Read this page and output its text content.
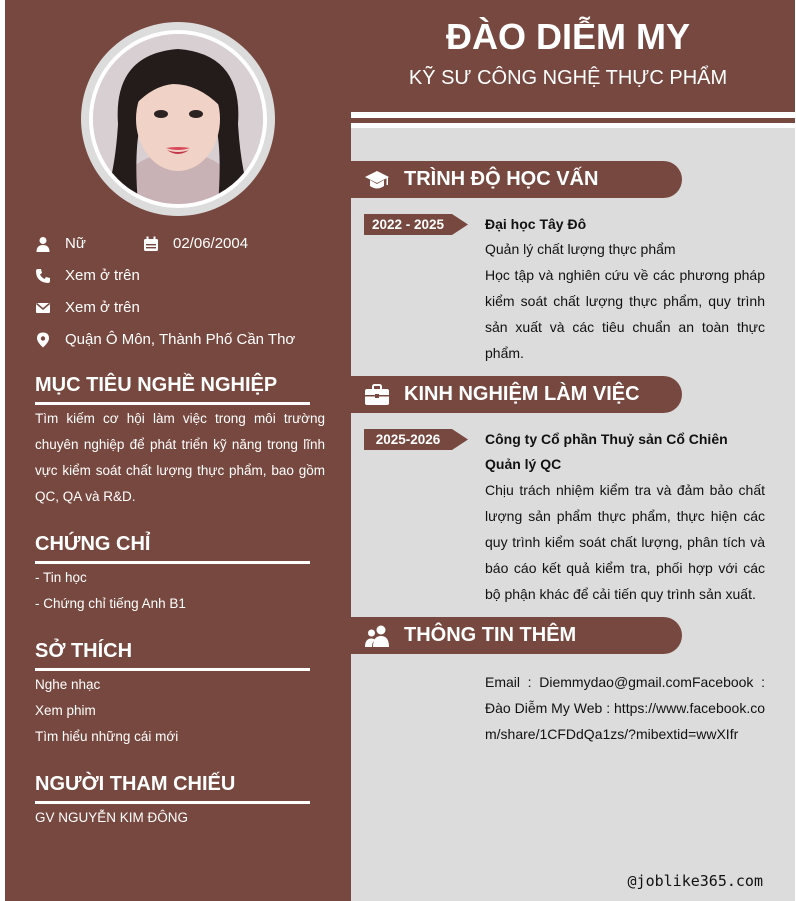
ĐÀO DIỄM MY
KỸ SƯ CÔNG NGHỆ THỰC PHẨM
Nữ	02/06/2004
Xem ở trên
Xem ở trên
Quận Ô Môn, Thành Phố Cần Thơ
MỤC TIÊU NGHỀ NGHIỆP
Tìm kiếm cơ hội làm việc trong môi trường chuyên nghiệp để phát triển kỹ năng trong lĩnh vực kiểm soát chất lượng thực phẩm, bao gồm QC, QA và R&D.
CHỨNG CHỈ
- Tin học
- Chứng chỉ tiếng Anh B1
SỞ THÍCH
Nghe nhạc
Xem phim
Tìm hiểu những cái mới
NGƯỜI THAM CHIẾU
GV NGUYỄN KIM ĐÔNG
TRÌNH ĐỘ HỌC VẤN
2022 - 2025	Đại học Tây Đô
Quản lý chất lượng thực phẩm
Học tập và nghiên cứu về các phương pháp kiểm soát chất lượng thực phẩm, quy trình sản xuất và các tiêu chuẩn an toàn thực phẩm.
KINH NGHIỆM LÀM VIỆC
2025-2026	Công ty Cổ phần Thuỷ sản Cổ Chiên
Quản lý QC
Chịu trách nhiệm kiểm tra và đảm bảo chất lượng sản phẩm thực phẩm, thực hiện các quy trình kiểm soát chất lượng, phân tích và báo cáo kết quả kiểm tra, phối hợp với các bộ phận khác để cải tiến quy trình sản xuất.
THÔNG TIN THÊM
Email : Diemmydao@gmail.comFacebook : Đào Diễm My Web : https://www.facebook.com/share/1CFDdQa1zs/?mibextid=wwXIfr
@joblike365.com
